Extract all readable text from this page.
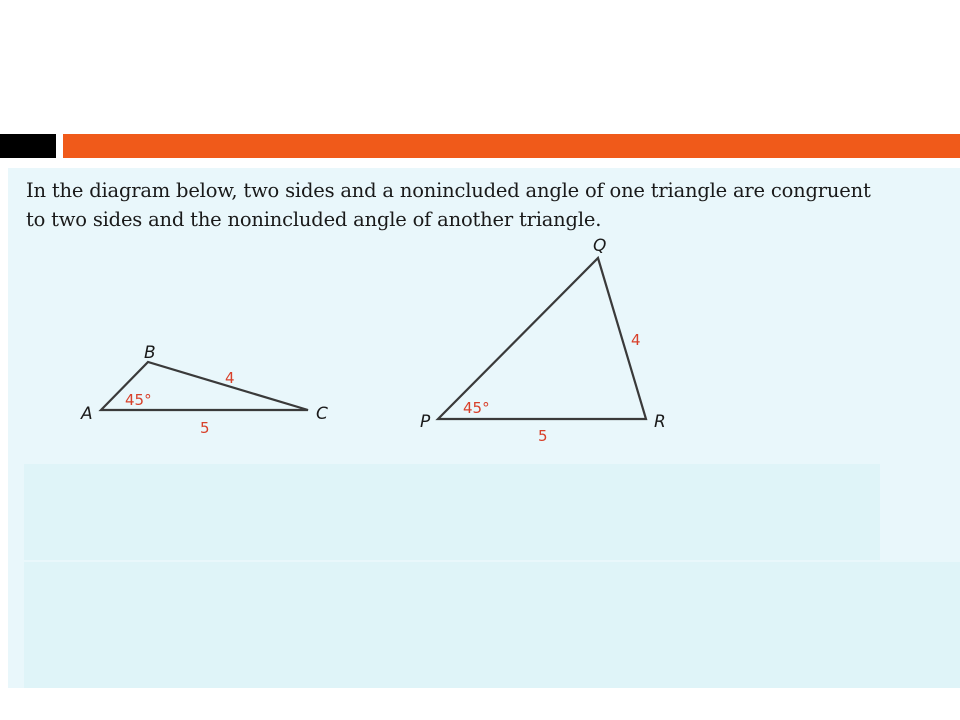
In the diagram below, two sides and a nonincluded angle of one triangle are congruent
to two sides and the nonincluded angle of another triangle.

A
B
C
45°
4
5	P
Q
R
45°
4
5
